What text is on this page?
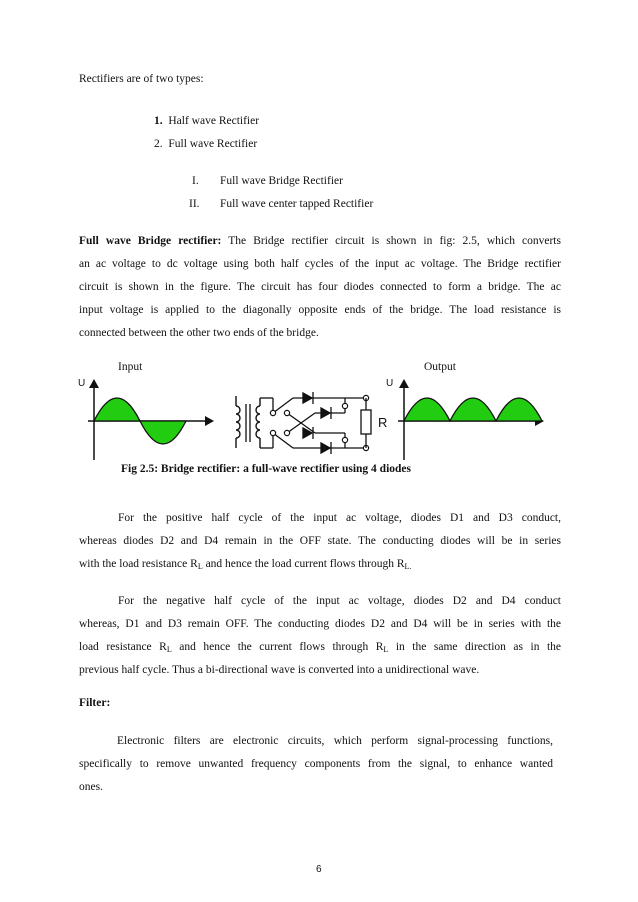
Rectifiers are of two types:
1. Half wave Rectifier
2. Full wave Rectifier
I.	Full wave Bridge Rectifier
II.	Full wave center tapped Rectifier
Full wave Bridge rectifier: The Bridge rectifier circuit is shown in fig: 2.5, which converts
an ac voltage to dc voltage using both half cycles of the input ac voltage. The Bridge rectifier
circuit is shown in the figure. The circuit has four diodes connected to form a bridge. The ac
input voltage is applied to the diagonally opposite ends of the bridge. The load resistance is
connected between the other two ends of the bridge.
Input	Output
U
R
U
Fig 2.5: Bridge rectifier: a full-wave rectifier using 4 diodes
For the positive half cycle of the input ac voltage, diodes D1 and D3 conduct,
whereas diodes D2 and D4 remain in the OFF state. The conducting diodes will be in series
with the load resistance $R_L$ and hence the load current flows through $R_{L.}$
For the negative half cycle of the input ac voltage, diodes D2 and D4 conduct
whereas, D1 and D3 remain OFF. The conducting diodes D2 and D4 will be in series with the
load resistance $R_L$ and hence the current flows through $R_L$ in the same direction as in the
previous half cycle. Thus a bi-directional wave is converted into a unidirectional wave.
Filter:
Electronic filters are electronic circuits, which perform signal-processing functions,
specifically to remove unwanted frequency components from the signal, to enhance wanted
ones.
6
